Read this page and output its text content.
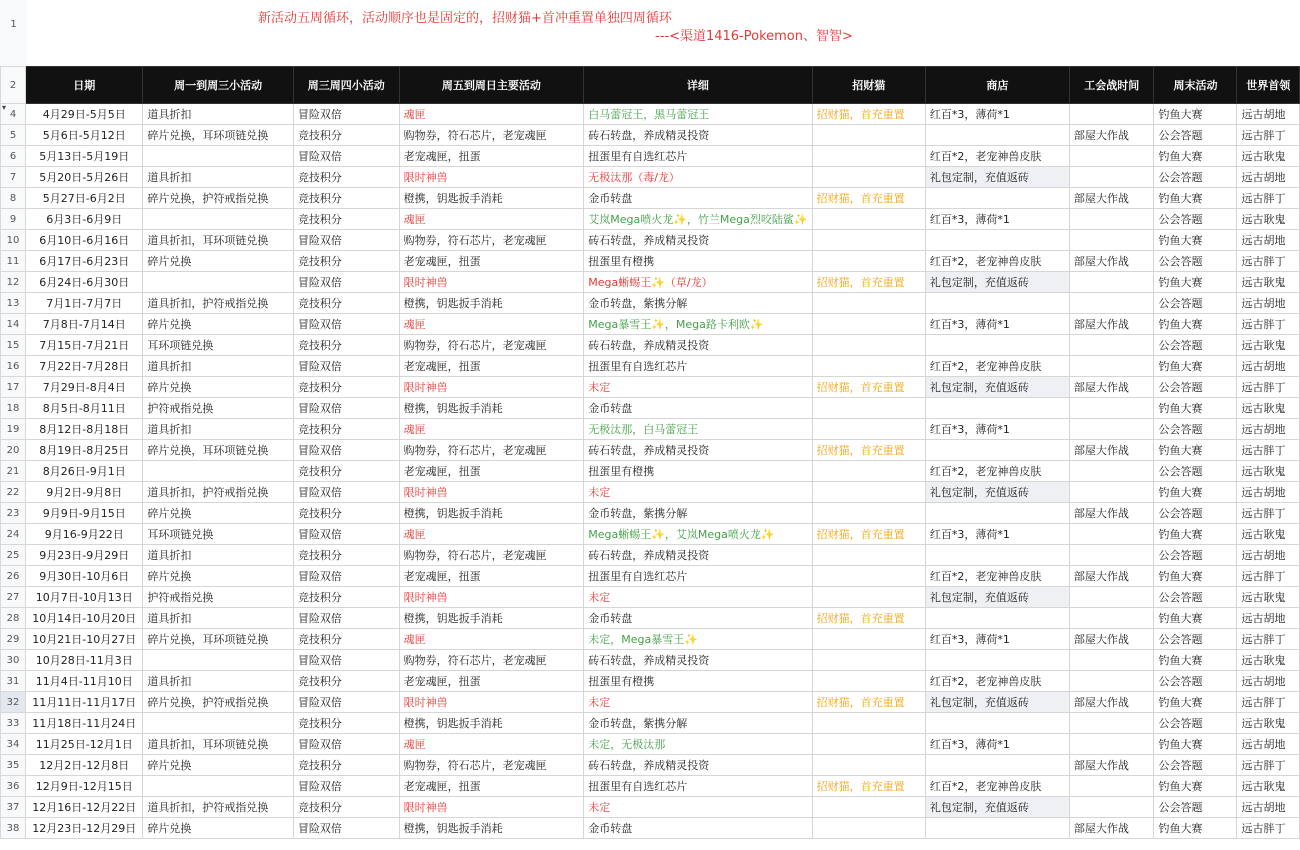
1	新活动五周循环，活动顺序也是固定的，招财猫+首冲重置单独四周循环
---<渠道1416-Pokemon、智智>
2	日期	周一到周三小活动	周三周四小活动	周五到周日主要活动	详细	招财猫	商店	工会战时间	周末活动	世界首领
4	4月29日-5月5日	道具折扣	冒险双倍	魂匣	白马蕾冠王，黑马蕾冠王	招财猫，首充重置	红百*3，薄荷*1		钓鱼大赛	远古胡地
5	5月6日-5月12日	碎片兑换，耳环项链兑换	竞技积分	购物券，符石芯片，老宠魂匣	砖石转盘，养成精灵投资			部屋大作战	公会答题	远古胖丁
6	5月13日-5月19日		冒险双倍	老宠魂匣，扭蛋	扭蛋里有自选红芯片		红百*2，老宠神兽皮肤		钓鱼大赛	远古耿鬼
7	5月20日-5月26日	道具折扣	竞技积分	限时神兽	无极汰那（毒/龙）		礼包定制，充值返砖		公会答题	远古胡地
8	5月27日-6月2日	碎片兑换，护符戒指兑换	竞技积分	橙携，钥匙扳手消耗	金币转盘	招财猫，首充重置		部屋大作战	钓鱼大赛	远古胖丁
9	6月3日-6月9日		竞技积分	魂匣	艾岚Mega喷火龙✨，竹兰Mega烈咬陆鲨✨		红百*3，薄荷*1		公会答题	远古耿鬼
10	6月10日-6月16日	道具折扣，耳环项链兑换	冒险双倍	购物券，符石芯片，老宠魂匣	砖石转盘，养成精灵投资				钓鱼大赛	远古胡地
11	6月17日-6月23日	碎片兑换	竞技积分	老宠魂匣，扭蛋	扭蛋里有橙携		红百*2，老宠神兽皮肤	部屋大作战	公会答题	远古胖丁
12	6月24日-6月30日		冒险双倍	限时神兽	Mega蜥蜴王✨（草/龙）	招财猫，首充重置	礼包定制，充值返砖		钓鱼大赛	远古耿鬼
13	7月1日-7月7日	道具折扣，护符戒指兑换	竞技积分	橙携，钥匙扳手消耗	金币转盘，紫携分解				公会答题	远古胡地
14	7月8日-7月14日	碎片兑换	冒险双倍	魂匣	Mega暴雪王✨，Mega路卡利欧✨		红百*3，薄荷*1	部屋大作战	钓鱼大赛	远古胖丁
15	7月15日-7月21日	耳环项链兑换	竞技积分	购物券，符石芯片，老宠魂匣	砖石转盘，养成精灵投资				公会答题	远古耿鬼
16	7月22日-7月28日	道具折扣	冒险双倍	老宠魂匣，扭蛋	扭蛋里有自选红芯片		红百*2，老宠神兽皮肤		钓鱼大赛	远古胡地
17	7月29日-8月4日	碎片兑换	竞技积分	限时神兽	未定	招财猫，首充重置	礼包定制，充值返砖	部屋大作战	公会答题	远古胖丁
18	8月5日-8月11日	护符戒指兑换	冒险双倍	橙携，钥匙扳手消耗	金币转盘				钓鱼大赛	远古耿鬼
19	8月12日-8月18日	道具折扣	竞技积分	魂匣	无极汰那，白马蕾冠王		红百*3，薄荷*1		公会答题	远古胡地
20	8月19日-8月25日	碎片兑换，耳环项链兑换	冒险双倍	购物券，符石芯片，老宠魂匣	砖石转盘，养成精灵投资	招财猫，首充重置		部屋大作战	钓鱼大赛	远古胖丁
21	8月26日-9月1日		竞技积分	老宠魂匣，扭蛋	扭蛋里有橙携		红百*2，老宠神兽皮肤		公会答题	远古耿鬼
22	9月2日-9月8日	道具折扣，护符戒指兑换	冒险双倍	限时神兽	未定		礼包定制，充值返砖		钓鱼大赛	远古胡地
23	9月9日-9月15日	碎片兑换	竞技积分	橙携，钥匙扳手消耗	金币转盘，紫携分解			部屋大作战	公会答题	远古胖丁
24	9月16-9月22日	耳环项链兑换	冒险双倍	魂匣	Mega蜥蜴王✨，艾岚Mega喷火龙✨	招财猫，首充重置	红百*3，薄荷*1		钓鱼大赛	远古耿鬼
25	9月23日-9月29日	道具折扣	竞技积分	购物券，符石芯片，老宠魂匣	砖石转盘，养成精灵投资				公会答题	远古胡地
26	9月30日-10月6日	碎片兑换	冒险双倍	老宠魂匣，扭蛋	扭蛋里有自选红芯片		红百*2，老宠神兽皮肤	部屋大作战	钓鱼大赛	远古胖丁
27	10月7日-10月13日	护符戒指兑换	竞技积分	限时神兽	未定		礼包定制，充值返砖		公会答题	远古耿鬼
28	10月14日-10月20日	道具折扣	冒险双倍	橙携，钥匙扳手消耗	金币转盘	招财猫，首充重置			钓鱼大赛	远古胡地
29	10月21日-10月27日	碎片兑换，耳环项链兑换	竞技积分	魂匣	未定，Mega暴雪王✨		红百*3，薄荷*1	部屋大作战	公会答题	远古胖丁
30	10月28日-11月3日		冒险双倍	购物券，符石芯片，老宠魂匣	砖石转盘，养成精灵投资				钓鱼大赛	远古耿鬼
31	11月4日-11月10日	道具折扣	竞技积分	老宠魂匣，扭蛋	扭蛋里有橙携		红百*2，老宠神兽皮肤		公会答题	远古胡地
32	11月11日-11月17日	碎片兑换，护符戒指兑换	冒险双倍	限时神兽	未定	招财猫，首充重置	礼包定制，充值返砖	部屋大作战	钓鱼大赛	远古胖丁
33	11月18日-11月24日		竞技积分	橙携，钥匙扳手消耗	金币转盘，紫携分解				公会答题	远古耿鬼
34	11月25日-12月1日	道具折扣，耳环项链兑换	冒险双倍	魂匣	未定，无极汰那		红百*3，薄荷*1		钓鱼大赛	远古胡地
35	12月2日-12月8日	碎片兑换	竞技积分	购物券，符石芯片，老宠魂匣	砖石转盘，养成精灵投资			部屋大作战	公会答题	远古胖丁
36	12月9日-12月15日		冒险双倍	老宠魂匣，扭蛋	扭蛋里有自选红芯片	招财猫，首充重置	红百*2，老宠神兽皮肤		钓鱼大赛	远古耿鬼
37	12月16日-12月22日	道具折扣，护符戒指兑换	竞技积分	限时神兽	未定		礼包定制，充值返砖		公会答题	远古胡地
38	12月23日-12月29日	碎片兑换	冒险双倍	橙携，钥匙扳手消耗	金币转盘			部屋大作战	钓鱼大赛	远古胖丁
▾
